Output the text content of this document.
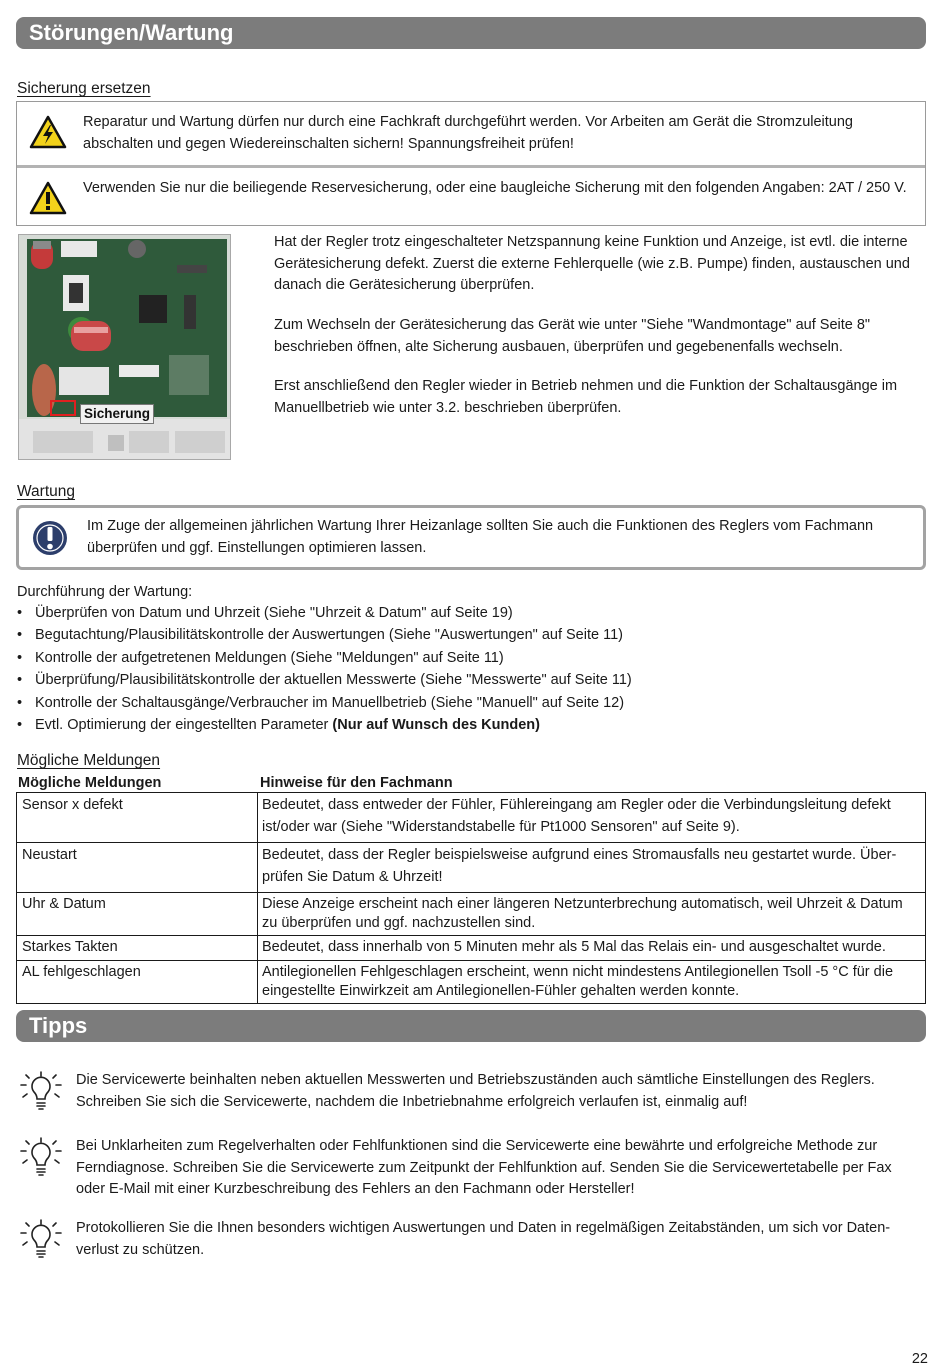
Störungen/Wartung
Sicherung ersetzen
Reparatur und Wartung dürfen nur durch eine Fachkraft durchgeführt werden. Vor Arbeiten am Gerät die Stromzuleitung abschalten und gegen Wiedereinschalten sichern! Spannungsfreiheit prüfen!
Verwenden Sie nur die beiliegende Reservesicherung, oder eine baugleiche Sicherung mit den folgenden Angaben: 2AT / 250 V.
Sicherung
Hat der Regler trotz eingeschalteter Netzspannung keine Funktion und Anzeige, ist evtl. die interne Gerätesicherung defekt. Zuerst die externe Fehlerquelle (wie z.B. Pumpe) finden, austauschen und danach die Gerätesicherung überprüfen.
Zum Wechseln der Gerätesicherung das Gerät wie unter "Siehe "Wandmontage" auf Seite 8" beschrieben öffnen, alte Sicherung ausbauen, überprüfen und gegebenenfalls wechseln.
Erst anschließend den Regler wieder in Betrieb nehmen und die Funktion der Schaltausgänge im Manuellbetrieb wie unter 3.2. beschrieben überprüfen.
Wartung
Im Zuge der allgemeinen jährlichen Wartung Ihrer Heizanlage sollten Sie auch die Funktionen des Reglers vom Fachmann überprüfen und ggf. Einstellungen optimieren lassen.
Durchführung der Wartung:
• Überprüfen von Datum und Uhrzeit (Siehe "Uhrzeit & Datum" auf Seite 19)
• Begutachtung/Plausibilitätskontrolle der Auswertungen (Siehe "Auswertungen" auf Seite 11)
• Kontrolle der aufgetretenen Meldungen (Siehe "Meldungen" auf Seite 11)
• Überprüfung/Plausibilitätskontrolle der aktuellen Messwerte (Siehe "Messwerte" auf Seite 11)
• Kontrolle der Schaltausgänge/Verbraucher im Manuellbetrieb (Siehe "Manuell" auf Seite 12)
• Evtl. Optimierung der eingestellten Parameter (Nur auf Wunsch des Kunden)
Mögliche Meldungen
Mögliche Meldungen	Hinweise für den Fachmann
Sensor x defekt	Bedeutet, dass entweder der Fühler, Fühlereingang am Regler oder die Verbindungsleitung defekt ist/oder war (Siehe "Widerstandstabelle für Pt1000 Sensoren" auf Seite 9).
Neustart	Bedeutet, dass der Regler beispielsweise aufgrund eines Stromausfalls neu gestartet wurde. Überprüfen Sie Datum & Uhrzeit!
Uhr & Datum	Diese Anzeige erscheint nach einer längeren Netzunterbrechung automatisch, weil Uhrzeit & Datum zu überprüfen und ggf. nachzustellen sind.
Starkes Takten	Bedeutet, dass innerhalb von 5 Minuten mehr als 5 Mal das Relais ein- und ausgeschaltet wurde.
AL fehlgeschlagen	Antilegionellen Fehlgeschlagen erscheint, wenn nicht mindestens Antilegionellen Tsoll -5 °C für die eingestellte Einwirkzeit am Antilegionellen-Fühler gehalten werden konnte.
Tipps
Die Servicewerte beinhalten neben aktuellen Messwerten und Betriebszuständen auch sämtliche Einstellungen des Reglers. Schreiben Sie sich die Servicewerte, nachdem die Inbetriebnahme erfolgreich verlaufen ist, einmalig auf!
Bei Unklarheiten zum Regelverhalten oder Fehlfunktionen sind die Servicewerte eine bewährte und erfolgreiche Methode zur Ferndiagnose. Schreiben Sie die Servicewerte zum Zeitpunkt der Fehlfunktion auf. Senden Sie die Servicewertetabelle per Fax oder E-Mail mit einer Kurzbeschreibung des Fehlers an den Fachmann oder Hersteller!
Protokollieren Sie die Ihnen besonders wichtigen Auswertungen und Daten in regelmäßigen Zeitabständen, um sich vor Datenverlust zu schützen.
22
